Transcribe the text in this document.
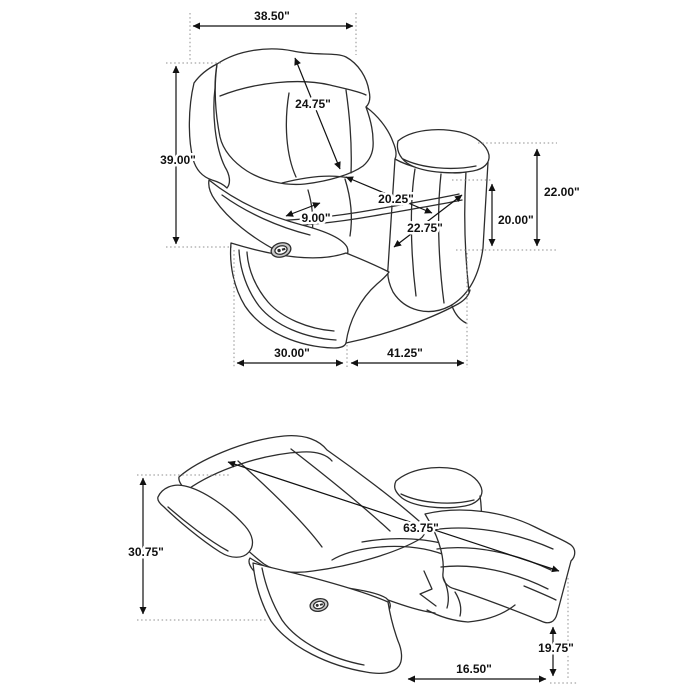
38.50"
39.00"
24.75"
20.25"
9.00"
22.75"
22.00"
20.00"
30.00"	41.25"
30.75"
63.75"
19.75"
16.50"
